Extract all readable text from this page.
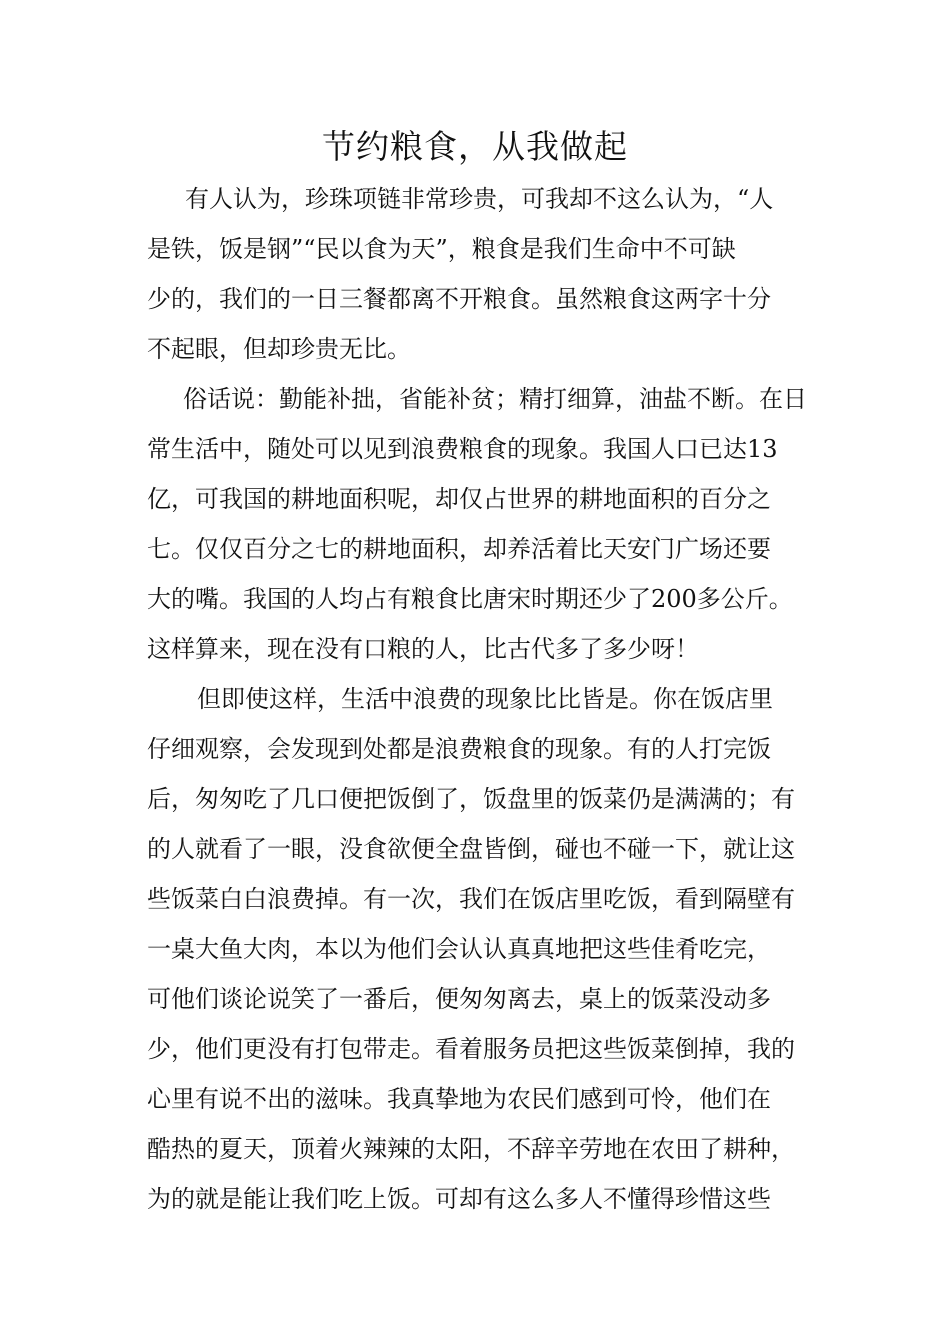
节约粮食，从我做起
有人认为，珍珠项链非常珍贵，可我却不这么认为，“人
是铁，饭是钢”“民以食为天”，粮食是我们生命中不可缺
少的，我们的一日三餐都离不开粮食。虽然粮食这两字十分
不起眼，但却珍贵无比。
俗话说：勤能补拙，省能补贫；精打细算，油盐不断。在日
常生活中，随处可以见到浪费粮食的现象。我国人口已达13
亿，可我国的耕地面积呢，却仅占世界的耕地面积的百分之
七。仅仅百分之七的耕地面积，却养活着比天安门广场还要
大的嘴。我国的人均占有粮食比唐宋时期还少了200多公斤。
这样算来，现在没有口粮的人，比古代多了多少呀！
但即使这样，生活中浪费的现象比比皆是。你在饭店里
仔细观察，会发现到处都是浪费粮食的现象。有的人打完饭
后，匆匆吃了几口便把饭倒了，饭盘里的饭菜仍是满满的；有
的人就看了一眼，没食欲便全盘皆倒，碰也不碰一下，就让这
些饭菜白白浪费掉。有一次，我们在饭店里吃饭，看到隔壁有
一桌大鱼大肉，本以为他们会认认真真地把这些佳肴吃完，
可他们谈论说笑了一番后，便匆匆离去，桌上的饭菜没动多
少，他们更没有打包带走。看着服务员把这些饭菜倒掉，我的
心里有说不出的滋味。我真挚地为农民们感到可怜，他们在
酷热的夏天，顶着火辣辣的太阳，不辞辛劳地在农田了耕种，
为的就是能让我们吃上饭。可却有这么多人不懂得珍惜这些
